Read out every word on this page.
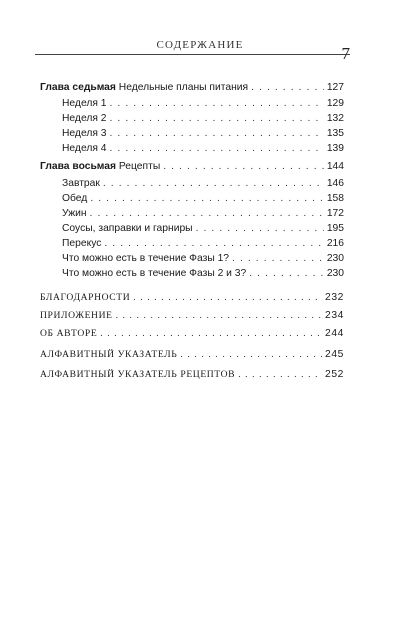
СОДЕРЖАНИЕ	7
Глава седьмая Недельные планы питания . . .	127
Неделя 1 . . .	129
Неделя 2 . . .	132
Неделя 3 . . .	135
Неделя 4 . . .	139
Глава восьмая Рецепты . . .	144
Завтрак . . .	146
Обед . . .	158
Ужин . . .	172
Соусы, заправки и гарниры . . .	195
Перекус . . .	216
Что можно есть в течение Фазы 1? . . .	230
Что можно есть в течение Фазы 2 и 3? . . .	230
БЛАГОДАРНОСТИ . . .	232
ПРИЛОЖЕНИЕ . . .	234
ОБ АВТОРЕ . . .	244
АЛФАВИТНЫЙ УКАЗАТЕЛЬ . . .	245
АЛФАВИТНЫЙ УКАЗАТЕЛЬ РЕЦЕПТОВ . . .	252
